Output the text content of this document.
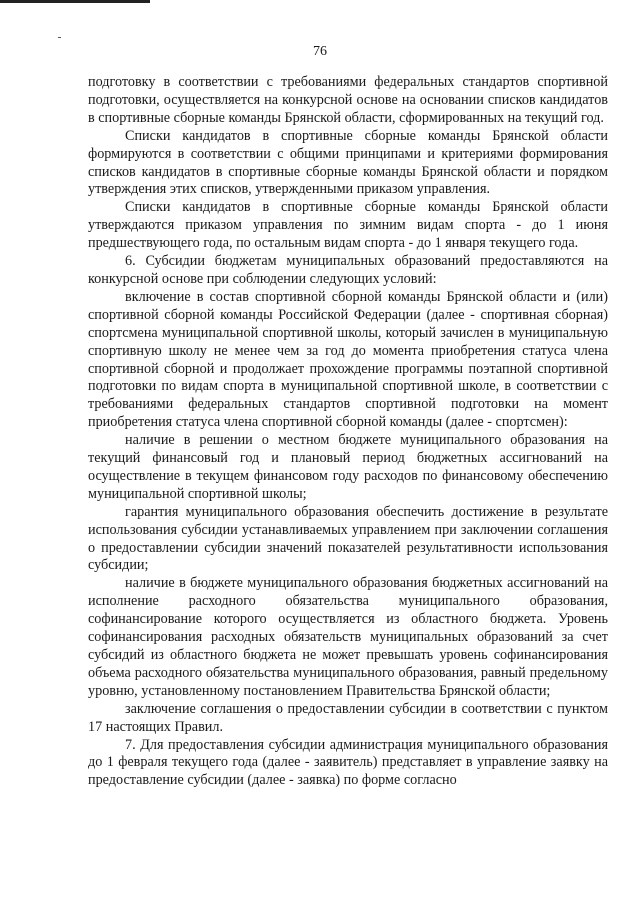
76

подготовку в соответствии с требованиями федеральных стандартов спортивной подготовки, осуществляется на конкурсной основе на основании списков кандидатов в спортивные сборные команды Брянской области, сформированных на текущий год.

Списки кандидатов в спортивные сборные команды Брянской области формируются в соответствии с общими принципами и критериями формирования списков кандидатов в спортивные сборные команды Брянской области и порядком утверждения этих списков, утвержденными приказом управления.

Списки кандидатов в спортивные сборные команды Брянской области утверждаются приказом управления по зимним видам спорта - до 1 июня предшествующего года, по остальным видам спорта - до 1 января текущего года.

6. Субсидии бюджетам муниципальных образований предоставляются на конкурсной основе при соблюдении следующих условий:

включение в состав спортивной сборной команды Брянской области и (или) спортивной сборной команды Российской Федерации (далее - спортивная сборная) спортсмена муниципальной спортивной школы, который зачислен в муниципальную спортивную школу не менее чем за год до момента приобретения статуса члена спортивной сборной и продолжает прохождение программы поэтапной спортивной подготовки по видам спорта в муниципальной спортивной школе, в соответствии с требованиями федеральных стандартов спортивной подготовки на момент приобретения статуса члена спортивной сборной команды (далее - спортсмен):

наличие в решении о местном бюджете муниципального образования на текущий финансовый год и плановый период бюджетных ассигнований на осуществление в текущем финансовом году расходов по финансовому обеспечению муниципальной спортивной школы;

гарантия муниципального образования обеспечить достижение в результате использования субсидии устанавливаемых управлением при заключении соглашения о предоставлении субсидии значений показателей результативности использования субсидии;

наличие в бюджете муниципального образования бюджетных ассигнований на исполнение расходного обязательства муниципального образования, софинансирование которого осуществляется из областного бюджета. Уровень софинансирования расходных обязательств муниципальных образований за счет субсидий из областного бюджета не может превышать уровень софинансирования объема расходного обязательства муниципального образования, равный предельному уровню, установленному постановлением Правительства Брянской области;

заключение соглашения о предоставлении субсидии в соответствии с пунктом 17 настоящих Правил.

7. Для предоставления субсидии администрация муниципального образования до 1 февраля текущего года (далее - заявитель) представляет в управление заявку на предоставление субсидии (далее - заявка) по форме согласно
